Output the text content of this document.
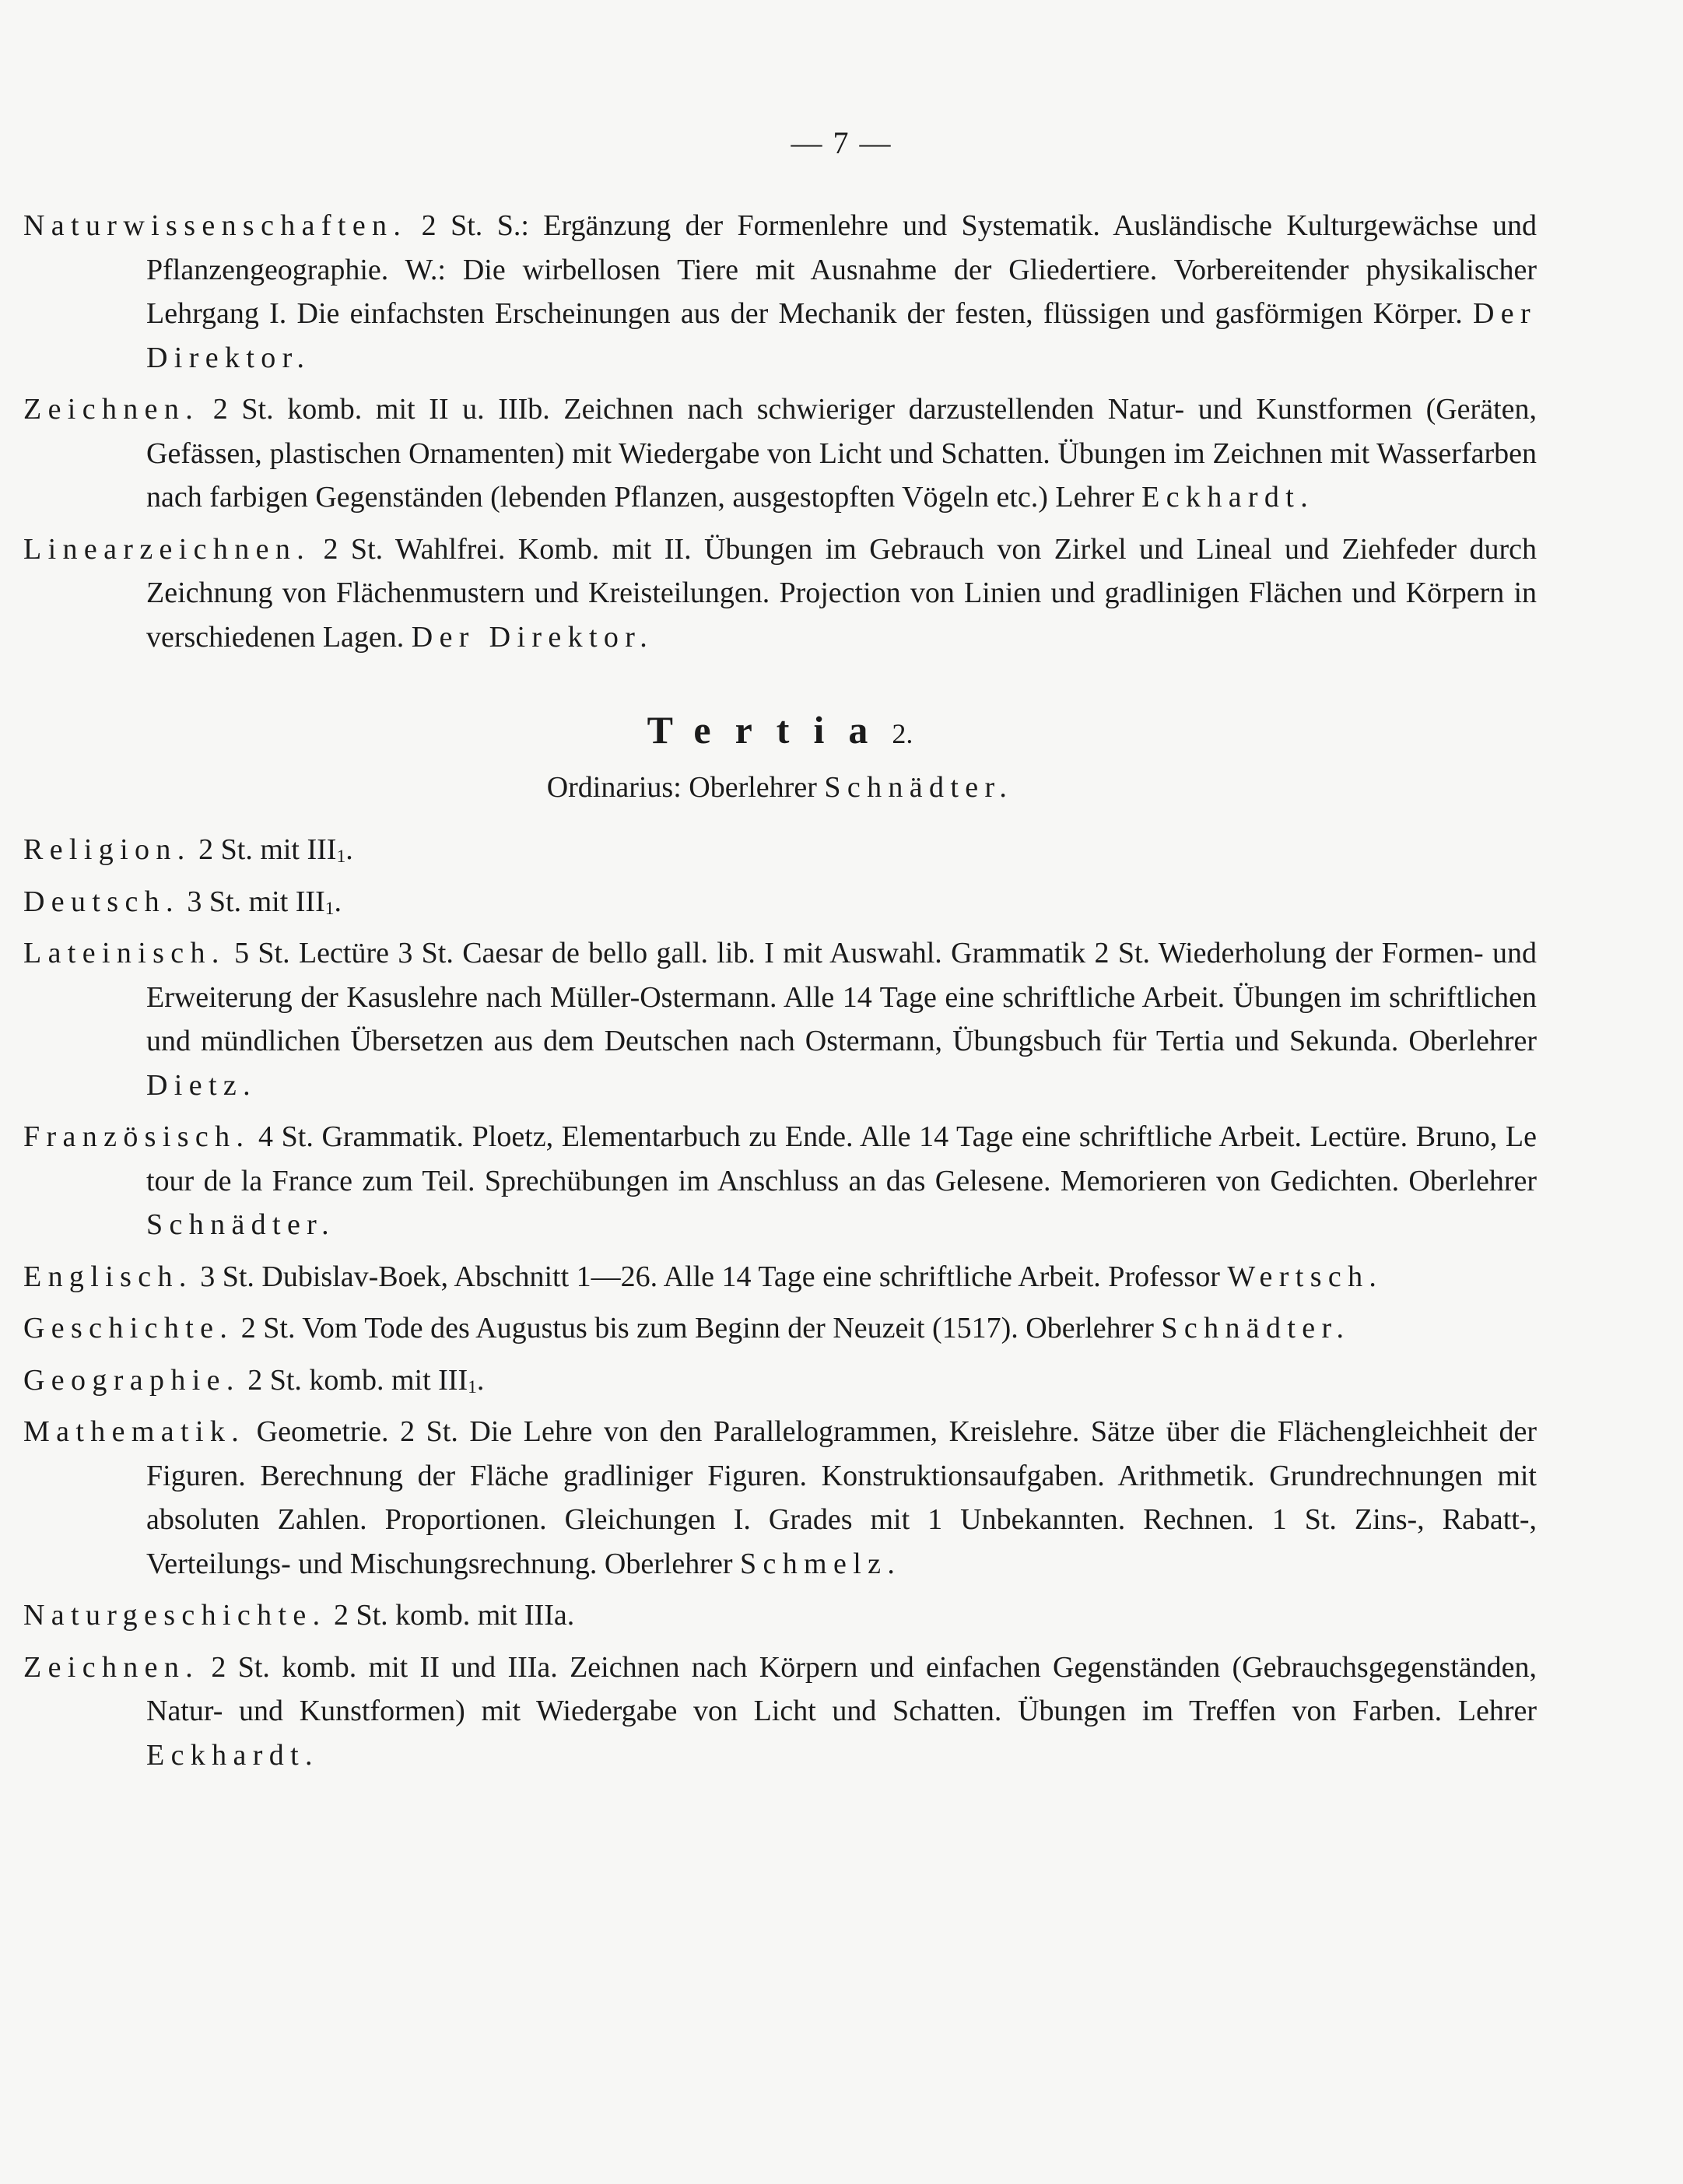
— 7 —

Naturwissenschaften. 2 St. S.: Ergänzung der Formenlehre und Systematik. Ausländische Kulturgewächse und Pflanzengeographie. W.: Die wirbellosen Tiere mit Ausnahme der Gliedertiere. Vorbereitender physikalischer Lehrgang I. Die einfachsten Erscheinungen aus der Mechanik der festen, flüssigen und gasförmigen Körper. Der Direktor.

Zeichnen. 2 St. komb. mit II u. IIIb. Zeichnen nach schwieriger darzustellenden Natur- und Kunstformen (Geräten, Gefässen, plastischen Ornamenten) mit Wiedergabe von Licht und Schatten. Übungen im Zeichnen mit Wasserfarben nach farbigen Gegenständen (lebenden Pflanzen, ausgestopften Vögeln etc.) Lehrer Eckhardt.

Linearzeichnen. 2 St. Wahlfrei. Komb. mit II. Übungen im Gebrauch von Zirkel und Lineal und Ziehfeder durch Zeichnung von Flächenmustern und Kreisteilungen. Projection von Linien und gradlinigen Flächen und Körpern in verschiedenen Lagen. Der Direktor.

Tertia2.
Ordinarius: Oberlehrer Schnädter.

Religion. 2 St. mit $III_1$.

Deutsch. 3 St. mit $III_1$.

Lateinisch. 5 St. Lectüre 3 St. Caesar de bello gall. lib. I mit Auswahl. Grammatik 2 St. Wiederholung der Formen- und Erweiterung der Kasuslehre nach Müller-Ostermann. Alle 14 Tage eine schriftliche Arbeit. Übungen im schriftlichen und mündlichen Übersetzen aus dem Deutschen nach Ostermann, Übungsbuch für Tertia und Sekunda. Oberlehrer Dietz.

Französisch. 4 St. Grammatik. Ploetz, Elementarbuch zu Ende. Alle 14 Tage eine schriftliche Arbeit. Lectüre. Bruno, Le tour de la France zum Teil. Sprechübungen im Anschluss an das Gelesene. Memorieren von Gedichten. Oberlehrer Schnädter.

Englisch. 3 St. Dubislav-Boek, Abschnitt 1—26. Alle 14 Tage eine schriftliche Arbeit. Professor Wertsch.

Geschichte. 2 St. Vom Tode des Augustus bis zum Beginn der Neuzeit (1517). Oberlehrer Schnädter.

Geographie. 2 St. komb. mit $III_1$.

Mathematik. Geometrie. 2 St. Die Lehre von den Parallelogrammen, Kreislehre. Sätze über die Flächengleichheit der Figuren. Berechnung der Fläche gradliniger Figuren. Konstruktionsaufgaben. Arithmetik. Grundrechnungen mit absoluten Zahlen. Proportionen. Gleichungen I. Grades mit 1 Unbekannten. Rechnen. 1 St. Zins-, Rabatt-, Verteilungs- und Mischungsrechnung. Oberlehrer Schmelz.

Naturgeschichte. 2 St. komb. mit IIIa.

Zeichnen. 2 St. komb. mit II und IIIa. Zeichnen nach Körpern und einfachen Gegenständen (Gebrauchsgegenständen, Natur- und Kunstformen) mit Wiedergabe von Licht und Schatten. Übungen im Treffen von Farben. Lehrer Eckhardt.
